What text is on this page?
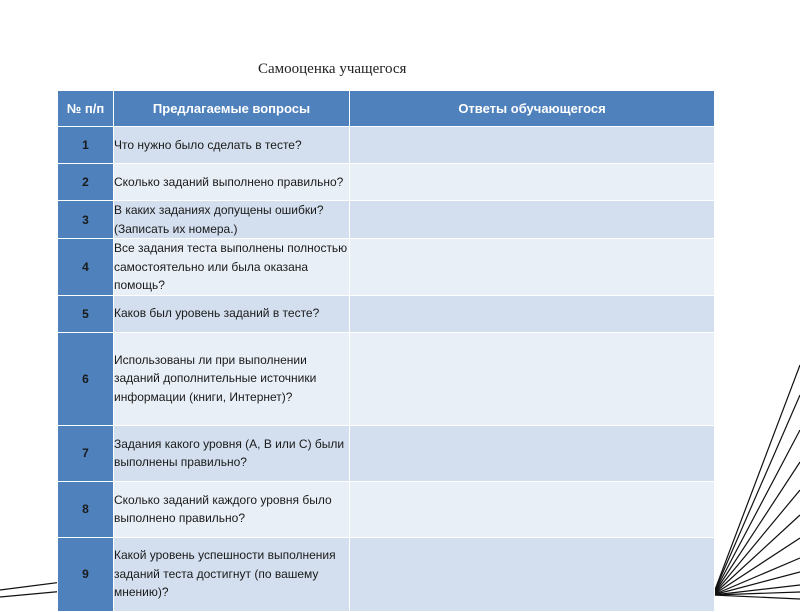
Самооценка учащегося
№ п/п	Предлагаемые вопросы	Ответы обучающегося
1	Что нужно было сделать в тесте?	
2	Сколько заданий выполнено правильно?	
3	В каких заданиях допущены ошибки? (Записать их номера.)	
4	Все задания теста выполнены полностью самостоятельно или была оказана помощь?	
5	Каков был уровень заданий в тесте?	
6	Использованы ли при выполнении заданий дополнительные источники информации (книги, Интернет)?	
7	Задания какого уровня (А, В или С) были выполнены правильно?	
8	Сколько заданий каждого уровня было выполнено правильно?	
9	Какой уровень успешности выполнения заданий теста достигнут (по вашему мнению)?	
